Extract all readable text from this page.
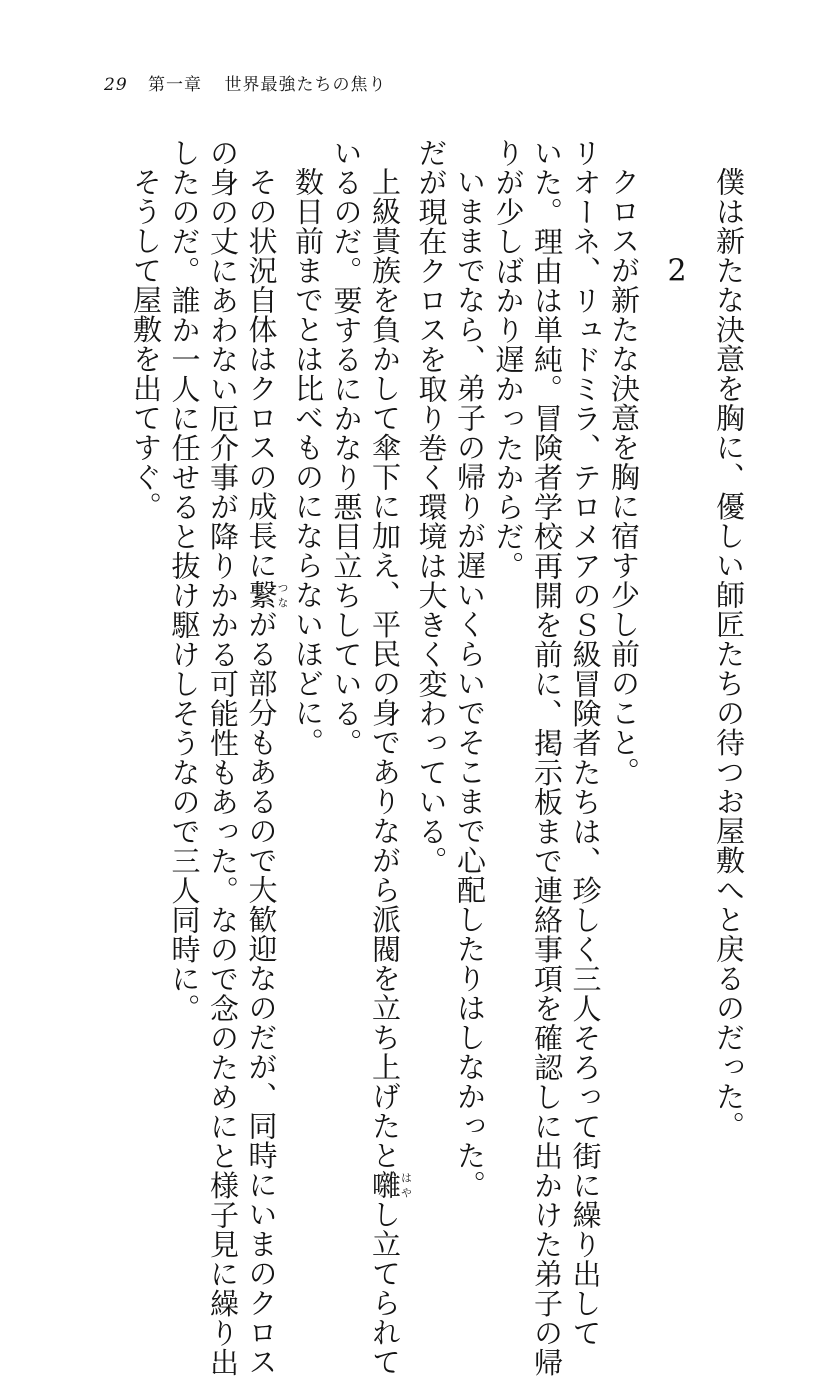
29 第一章 世界最強たちの焦り

僕は新たな決意を胸に、優しい師匠たちの待つお屋敷へと戻るのだった。

2

クロスが新たな決意を胸に宿す少し前のこと。

リオーネ、リュドミラ、テロメアのＳ級冒険者たちは、珍しく三人そろって街に繰り出して

いた。理由は単純。冒険者学校再開を前に、掲示板まで連絡事項を確認しに出かけた弟子の帰

りが少しばかり遅かったからだ。

いままでなら、弟子の帰りが遅いくらいでそこまで心配したりはしなかった。

だが現在クロスを取り巻く環境は大きく変わっている。

上級貴族を負かして傘下に加え、平民の身でありながら派閥を立ち上げたと囃はやし立てられて

いるのだ。要するにかなり悪目立ちしている。

数日前までとは比べものにならないほどに。

その状況自体はクロスの成長に繋つながる部分もあるので大歓迎なのだが、同時にいまのクロス

の身の丈にあわない厄介事が降りかかる可能性もあった。なので念のためにと様子見に繰り出

したのだ。誰か一人に任せると抜け駆けしそうなので三人同時に。

そうして屋敷を出てすぐ。
